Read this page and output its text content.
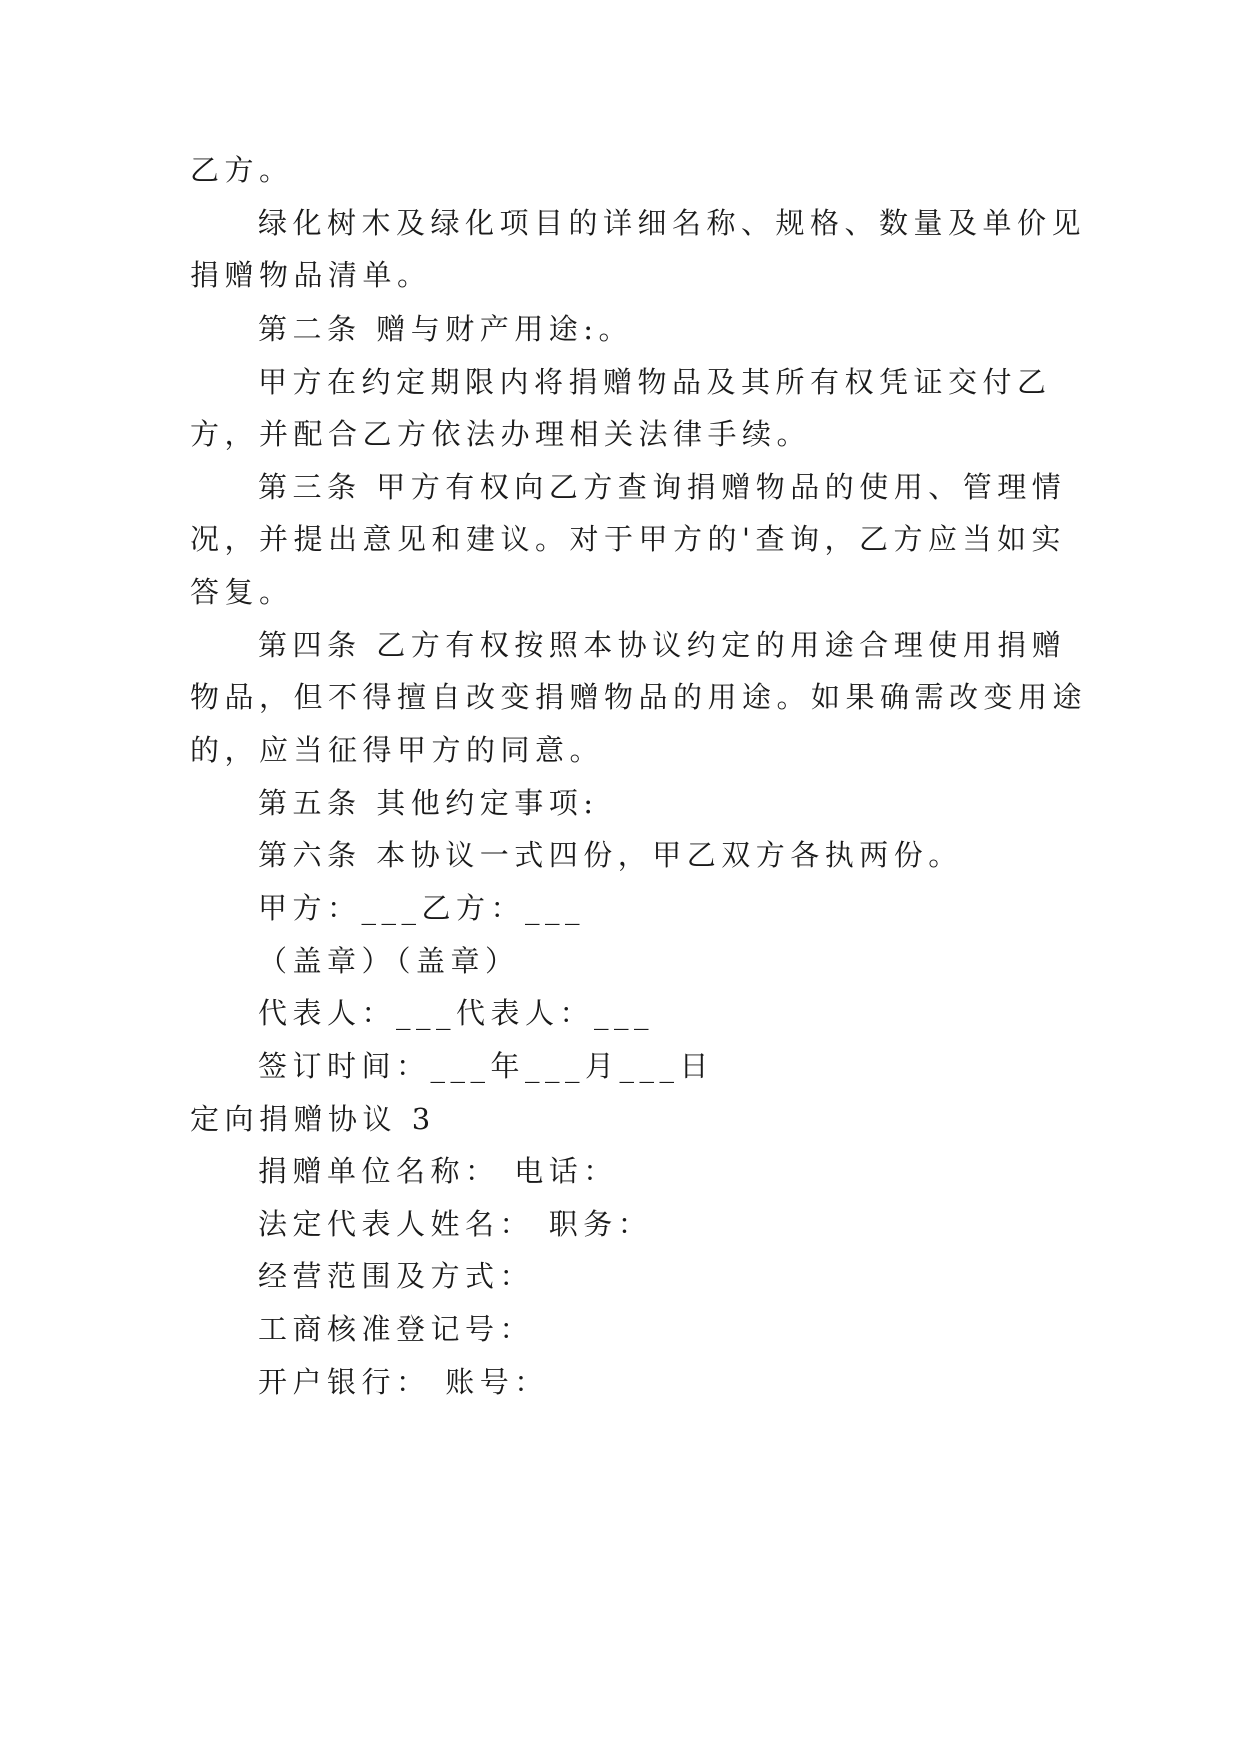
乙方。
绿化树木及绿化项目的详细名称、规格、数量及单价见
捐赠物品清单。
第二条 赠与财产用途:。
甲方在约定期限内将捐赠物品及其所有权凭证交付乙
方，并配合乙方依法办理相关法律手续。
第三条 甲方有权向乙方查询捐赠物品的使用、管理情
况，并提出意见和建议。对于甲方的'查询，乙方应当如实
答复。
第四条 乙方有权按照本协议约定的用途合理使用捐赠
物品，但不得擅自改变捐赠物品的用途。如果确需改变用途
的，应当征得甲方的同意。
第五条 其他约定事项:
第六条 本协议一式四份，甲乙双方各执两份。
甲方：___乙方：___
（盖章）（盖章）
代表人：___代表人：___
签订时间：___年___月___日
定向捐赠协议 3
捐赠单位名称： 电话：
法定代表人姓名： 职务：
经营范围及方式：
工商核准登记号：
开户银行： 账号：
